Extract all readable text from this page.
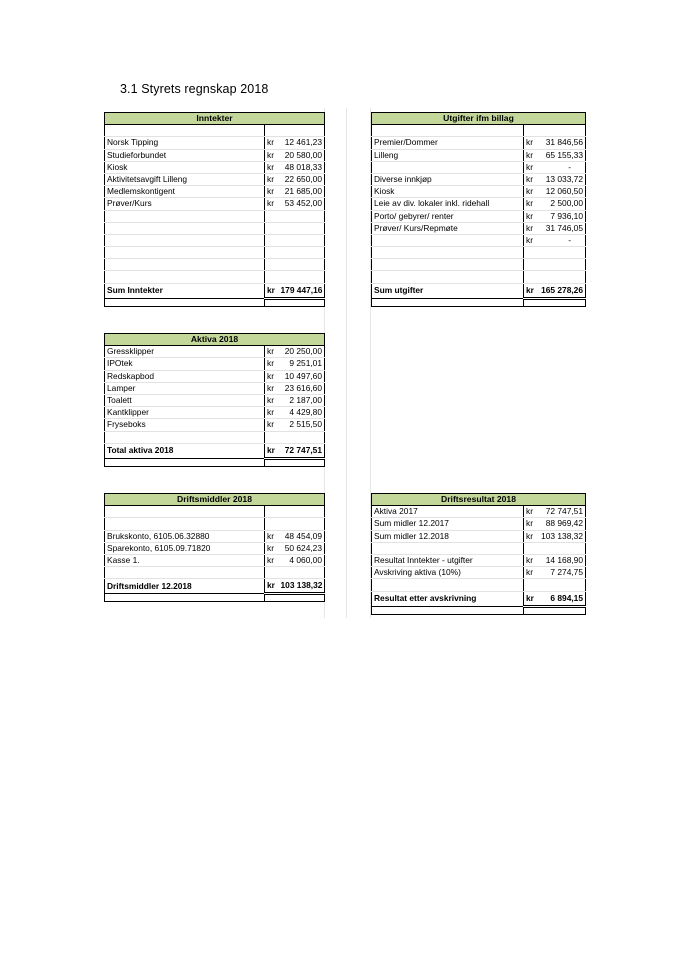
3.1 Styrets regnskap 2018
Inntekter		

Norsk Tipping	kr	12 461,23
Studieforbundet	kr	20 580,00
Kiosk	kr	48 018,33
Aktivitetsavgift Lilleng	kr	22 650,00
Medlemskontigent	kr	21 685,00
Prøver/Kurs	kr	53 452,00

Sum Inntekter	kr	179 447,16

Utgifter ifm billag		

Premier/Dommer	kr	31 846,56
Lilleng	kr	65 155,33
	kr	-
Diverse innkjøp	kr	13 033,72
Kiosk	kr	12 060,50
Leie av div. lokaler inkl. ridehall	kr	2 500,00
Porto/ gebyrer/ renter	kr	7 936,10
Prøver/ Kurs/Repmøte	kr	31 746,05
	kr	-

Sum utgifter	kr	165 278,26

Aktiva 2018		
Gressklipper	kr	20 250,00
IPOtek	kr	9 251,01
Redskapbod	kr	10 497,60
Lamper	kr	23 616,60
Toalett	kr	2 187,00
Kantklipper	kr	4 429,80
Fryseboks	kr	2 515,50

Total aktiva 2018	kr	72 747,51

Driftsmiddler 2018		

Brukskonto, 6105.06.32880	kr	48 454,09
Sparekonto, 6105.09.71820	kr	50 624,23
Kasse 1.	kr	4 060,00

Driftsmiddler 12.2018	kr	103 138,32

Driftsresultat 2018		
Aktiva 2017	kr	72 747,51
Sum midler 12.2017	kr	88 969,42
Sum midler 12.2018	kr	103 138,32

Resultat Inntekter - utgifter	kr	14 168,90
Avskriving aktiva (10%)	kr	7 274,75

Resultat etter avskrivning	kr	6 894,15
